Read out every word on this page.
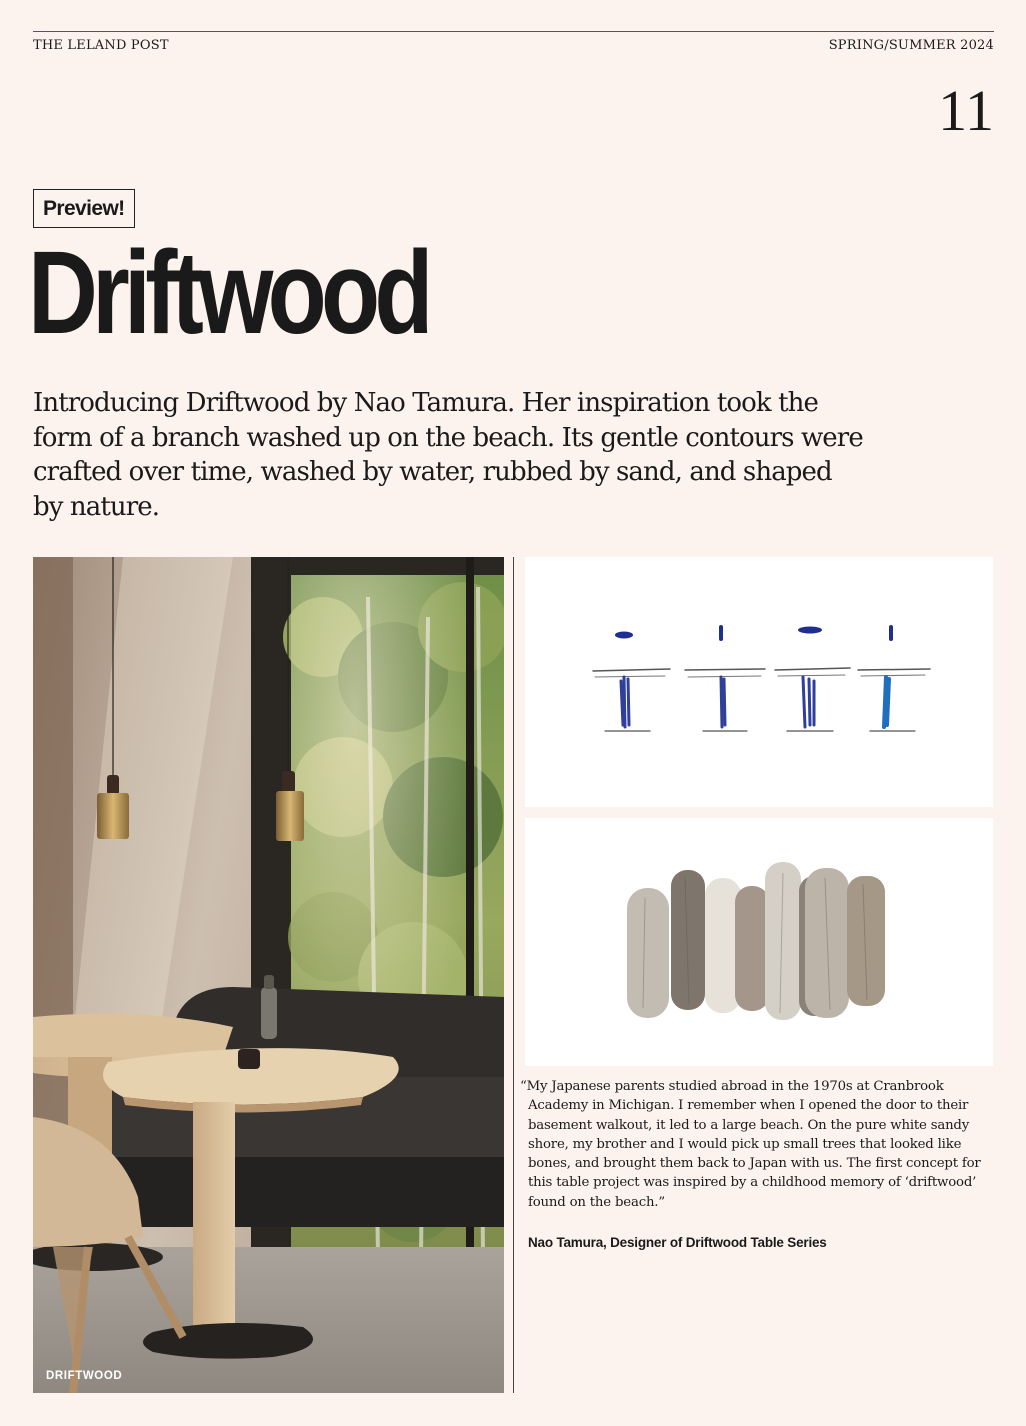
THE LELAND POST	SPRING/SUMMER 2024
11
Preview!
Driftwood

Introducing Driftwood by Nao Tamura. Her inspiration took the form of a branch washed up on the beach. Its gentle contours were crafted over time, washed by water, rubbed by sand, and shaped by nature.

DRIFTWOOD

“My Japanese parents studied abroad in the 1970s at Cranbrook Academy in Michigan. I remember when I opened the door to their basement walkout, it led to a large beach. On the pure white sandy shore, my brother and I would pick up small trees that looked like bones, and brought them back to Japan with us. The first concept for this table project was inspired by a childhood memory of ‘driftwood’ found on the beach.”

Nao Tamura, Designer of Driftwood Table Series
